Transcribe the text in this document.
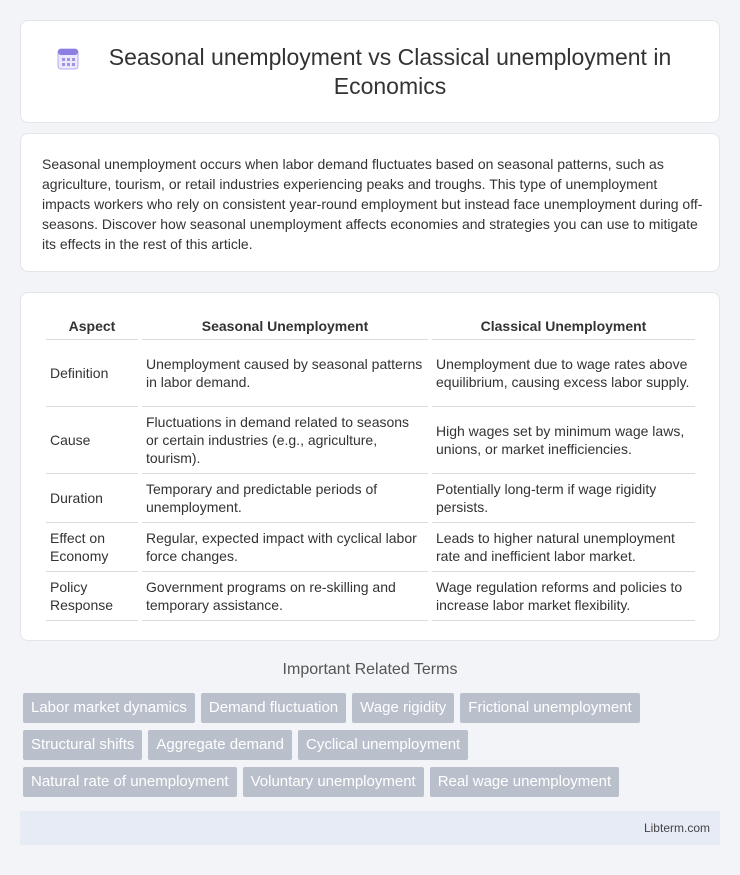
Seasonal unemployment vs Classical unemployment in Economics

Seasonal unemployment occurs when labor demand fluctuates based on seasonal patterns, such as agriculture, tourism, or retail industries experiencing peaks and troughs. This type of unemployment impacts workers who rely on consistent year-round employment but instead face unemployment during off-seasons. Discover how seasonal unemployment affects economies and strategies you can use to mitigate its effects in the rest of this article.

Aspect	Seasonal Unemployment	Classical Unemployment
Definition	Unemployment caused by seasonal patterns in labor demand.	Unemployment due to wage rates above equilibrium, causing excess labor supply.
Cause	Fluctuations in demand related to seasons or certain industries (e.g., agriculture, tourism).	High wages set by minimum wage laws, unions, or market inefficiencies.
Duration	Temporary and predictable periods of unemployment.	Potentially long-term if wage rigidity persists.
Effect on Economy	Regular, expected impact with cyclical labor force changes.	Leads to higher natural unemployment rate and inefficient labor market.
Policy Response	Government programs on re-skilling and temporary assistance.	Wage regulation reforms and policies to increase labor market flexibility.
Important Related Terms
Labor market dynamics	Demand fluctuation	Wage rigidity	Frictional unemployment
Structural shifts	Aggregate demand	Cyclical unemployment
Natural rate of unemployment	Voluntary unemployment	Real wage unemployment
Libterm.com
